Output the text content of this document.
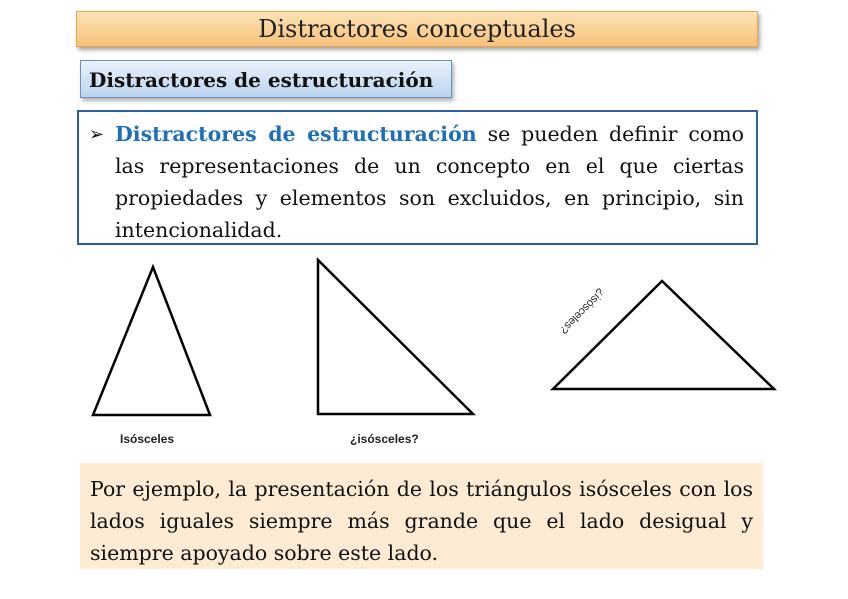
Distractores conceptuales
Distractores de estructuración
➢ Distractores de estructuración se pueden definir como las representaciones de un concepto en el que ciertas propiedades y elementos son excluidos, en principio, sin intencionalidad.
Isósceles	¿isósceles?
¿isósceles?
Por ejemplo, la presentación de los triángulos isósceles con los lados iguales siempre más grande que el lado desigual y siempre apoyado sobre este lado.
